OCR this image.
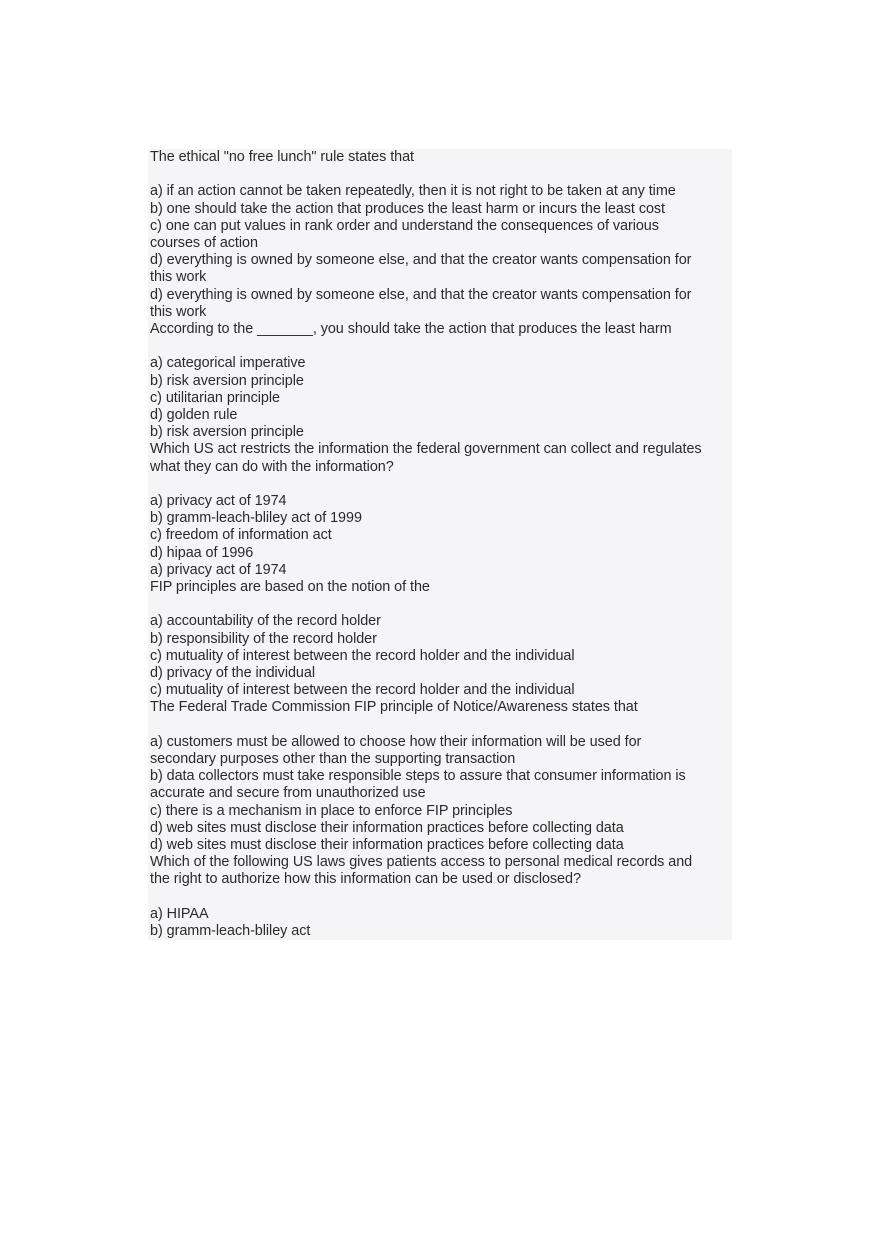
The ethical "no free lunch" rule states that
a) if an action cannot be taken repeatedly, then it is not right to be taken at any time
b) one should take the action that produces the least harm or incurs the least cost
c) one can put values in rank order and understand the consequences of various
courses of action
d) everything is owned by someone else, and that the creator wants compensation for
this work
d) everything is owned by someone else, and that the creator wants compensation for
this work
According to the _______, you should take the action that produces the least harm
a) categorical imperative
b) risk aversion principle
c) utilitarian principle
d) golden rule
b) risk aversion principle
Which US act restricts the information the federal government can collect and regulates
what they can do with the information?
a) privacy act of 1974
b) gramm-leach-bliley act of 1999
c) freedom of information act
d) hipaa of 1996
a) privacy act of 1974
FIP principles are based on the notion of the
a) accountability of the record holder
b) responsibility of the record holder
c) mutuality of interest between the record holder and the individual
d) privacy of the individual
c) mutuality of interest between the record holder and the individual
The Federal Trade Commission FIP principle of Notice/Awareness states that
a) customers must be allowed to choose how their information will be used for
secondary purposes other than the supporting transaction
b) data collectors must take responsible steps to assure that consumer information is
accurate and secure from unauthorized use
c) there is a mechanism in place to enforce FIP principles
d) web sites must disclose their information practices before collecting data
d) web sites must disclose their information practices before collecting data
Which of the following US laws gives patients access to personal medical records and
the right to authorize how this information can be used or disclosed?
a) HIPAA
b) gramm-leach-bliley act
